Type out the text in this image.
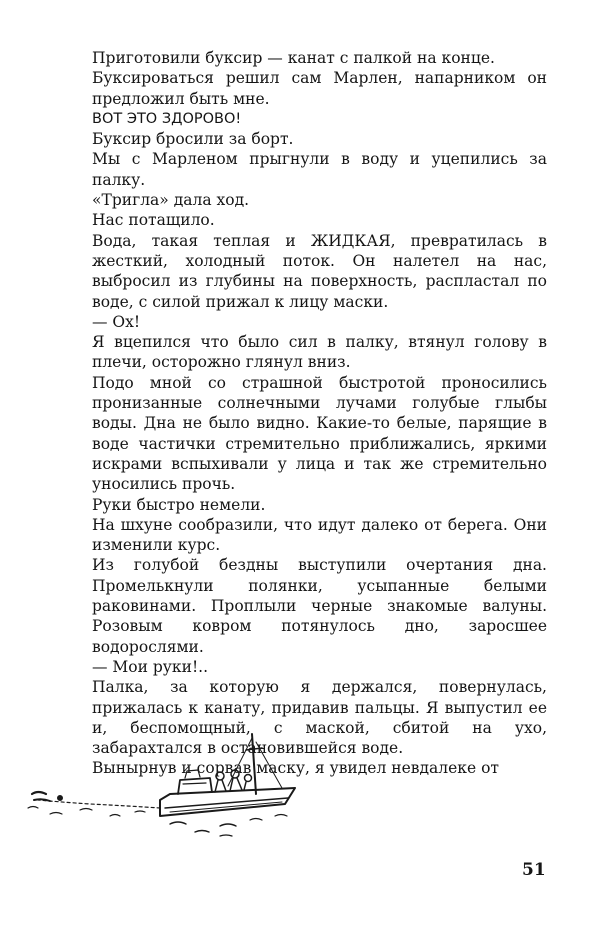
Приготовили буксир — канат с палкой на конце.

Буксироваться решил сам Марлен, напарником он предложил быть мне.

ВОТ ЭТО ЗДОРОВО!

Буксир бросили за борт.

Мы с Марленом прыгнули в воду и уцепились за палку.

«Тригла» дала ход.

Нас потащило.

Вода, такая теплая и ЖИДКАЯ, превратилась в жесткий, холодный поток. Он налетел на нас, выбросил из глубины на поверхность, распластал по воде, с силой прижал к лицу маски.

— Ох!

Я вцепился что было сил в палку, втянул голову в плечи, осторожно глянул вниз.

Подо мной со страшной быстротой проносились пронизанные солнечными лучами голубые глыбы воды. Дна не было видно. Какие-то белые, парящие в воде частички стремительно приближались, яркими искрами вспыхивали у лица и так же стремительно уносились прочь.

Руки быстро немели.

На шхуне сообразили, что идут далеко от берега. Они изменили курс.

Из голубой бездны выступили очертания дна. Промелькнули полянки, усыпанные белыми раковинами. Проплыли черные знакомые валуны. Розовым ковром потянулось дно, заросшее водорослями.

— Мои руки!..

Палка, за которую я держался, повернулась, прижалась к канату, придавив пальцы. Я выпустил ее и, беспомощный, с маской, сбитой на ухо, забарахтался в остановившейся воде.

Вынырнув и сорвав маску, я увидел невдалеке от

51
